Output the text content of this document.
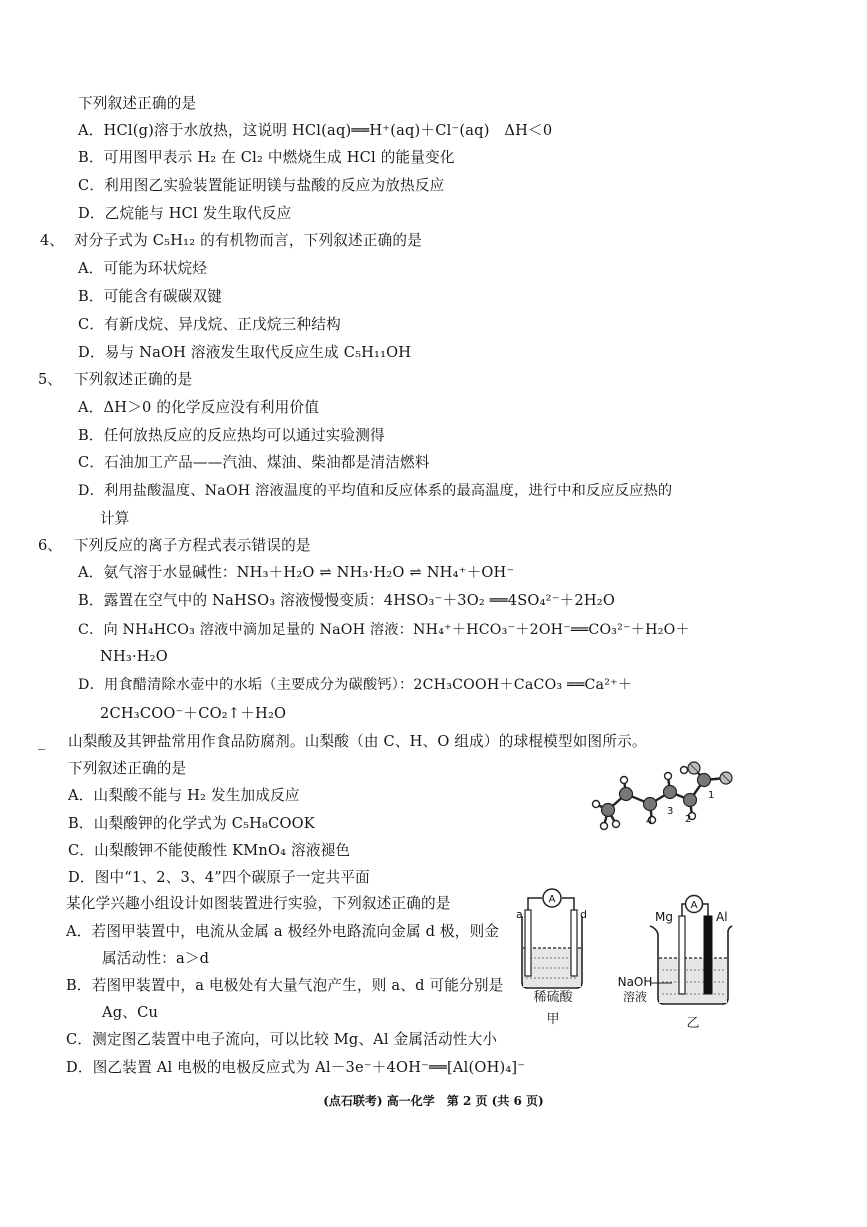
下列叙述正确的是
A．HCl(g)溶于水放热，这说明 HCl(aq)══H⁺(aq)＋Cl⁻(aq)　ΔH＜0
B．可用图甲表示 H₂ 在 Cl₂ 中燃烧生成 HCl 的能量变化
C．利用图乙实验装置能证明镁与盐酸的反应为放热反应
D．乙烷能与 HCl 发生取代反应
4、 对分子式为 C₅H₁₂ 的有机物而言，下列叙述正确的是
A．可能为环状烷烃
B．可能含有碳碳双键
C．有新戊烷、异戊烷、正戊烷三种结构
D．易与 NaOH 溶液发生取代反应生成 C₅H₁₁OH
5、 下列叙述正确的是
A．ΔH＞0 的化学反应没有利用价值
B．任何放热反应的反应热均可以通过实验测得
C．石油加工产品——汽油、煤油、柴油都是清洁燃料
D．利用盐酸温度、NaOH 溶液温度的平均值和反应体系的最高温度，进行中和反应反应热的
计算
6、 下列反应的离子方程式表示错误的是
A．氨气溶于水显碱性：NH₃＋H₂O ⇌ NH₃·H₂O ⇌ NH₄⁺＋OH⁻
B．露置在空气中的 NaHSO₃ 溶液慢慢变质：4HSO₃⁻＋3O₂ ══4SO₄²⁻＋2H₂O
C．向 NH₄HCO₃ 溶液中滴加足量的 NaOH 溶液：NH₄⁺＋HCO₃⁻＋2OH⁻══CO₃²⁻＋H₂O＋
NH₃·H₂O
D．用食醋清除水壶中的水垢（主要成分为碳酸钙）：2CH₃COOH＋CaCO₃ ══Ca²⁺＋
2CH₃COO⁻＋CO₂↑＋H₂O
_ 山梨酸及其钾盐常用作食品防腐剂。山梨酸（由 C、H、O 组成）的球棍模型如图所示。
下列叙述正确的是
A．山梨酸不能与 H₂ 发生加成反应
B．山梨酸钾的化学式为 C₅H₈COOK
C．山梨酸钾不能使酸性 KMnO₄ 溶液褪色
D．图中“1、2、3、4”四个碳原子一定共平面
4
3
2
1
某化学兴趣小组设计如图装置进行实验，下列叙述正确的是
A．若图甲装置中，电流从金属 a 极经外电路流向金属 d 极，则金
属活动性：a＞d
B．若图甲装置中，a 电极处有大量气泡产生，则 a、d 可能分别是
Ag、Cu
C．测定图乙装置中电子流向，可以比较 Mg、Al 金属活动性大小
D．图乙装置 Al 电极的电极反应式为 Al－3e⁻＋4OH⁻══[Al(OH)₄]⁻
A
a	d
稀硫酸
甲
Mg	Al
A
NaOH
溶液
乙
(点石联考) 高一化学　第 2 页 (共 6 页)
